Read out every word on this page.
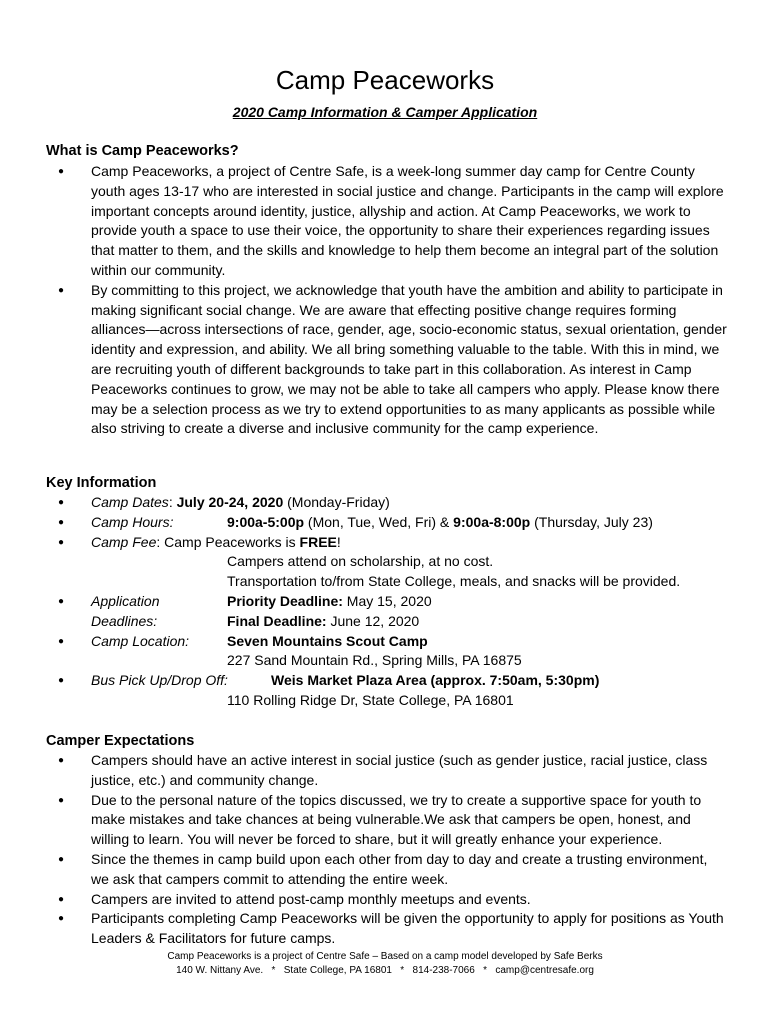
Camp Peaceworks
2020 Camp Information & Camper Application
What is Camp Peaceworks?
● Camp Peaceworks, a project of Centre Safe, is a week-long summer day camp for Centre County youth ages 13-17 who are interested in social justice and change. Participants in the camp will explore important concepts around identity, justice, allyship and action. At Camp Peaceworks, we work to provide youth a space to use their voice, the opportunity to share their experiences regarding issues that matter to them, and the skills and knowledge to help them become an integral part of the solution within our community.
● By committing to this project, we acknowledge that youth have the ambition and ability to participate in making significant social change. We are aware that effecting positive change requires forming alliances—across intersections of race, gender, age, socio-economic status, sexual orientation, gender identity and expression, and ability. We all bring something valuable to the table. With this in mind, we are recruiting youth of different backgrounds to take part in this collaboration. As interest in Camp Peaceworks continues to grow, we may not be able to take all campers who apply. Please know there may be a selection process as we try to extend opportunities to as many applicants as possible while also striving to create a diverse and inclusive community for the camp experience.
Key Information
● Camp Dates: July 20-24, 2020 (Monday-Friday)
● Camp Hours:	9:00a-5:00p (Mon, Tue, Wed, Fri) & 9:00a-8:00p (Thursday, July 23)
● Camp Fee: Camp Peaceworks is FREE!
Campers attend on scholarship, at no cost.
Transportation to/from State College, meals, and snacks will be provided.
● Application	Priority Deadline: May 15, 2020
Deadlines:	Final Deadline: June 12, 2020
● Camp Location:	Seven Mountains Scout Camp
227 Sand Mountain Rd., Spring Mills, PA 16875
● Bus Pick Up/Drop Off:	Weis Market Plaza Area (approx. 7:50am, 5:30pm)
110 Rolling Ridge Dr, State College, PA 16801
Camper Expectations
● Campers should have an active interest in social justice (such as gender justice, racial justice, class justice, etc.) and community change.
● Due to the personal nature of the topics discussed, we try to create a supportive space for youth to make mistakes and take chances at being vulnerable.We ask that campers be open, honest, and willing to learn. You will never be forced to share, but it will greatly enhance your experience.
● Since the themes in camp build upon each other from day to day and create a trusting environment, we ask that campers commit to attending the entire week.
● Campers are invited to attend post-camp monthly meetups and events.
● Participants completing Camp Peaceworks will be given the opportunity to apply for positions as Youth Leaders & Facilitators for future camps.
Camp Peaceworks is a project of Centre Safe – Based on a camp model developed by Safe Berks
140 W. Nittany Ave.   *   State College, PA 16801   *   814-238-7066   *   camp@centresafe.org
